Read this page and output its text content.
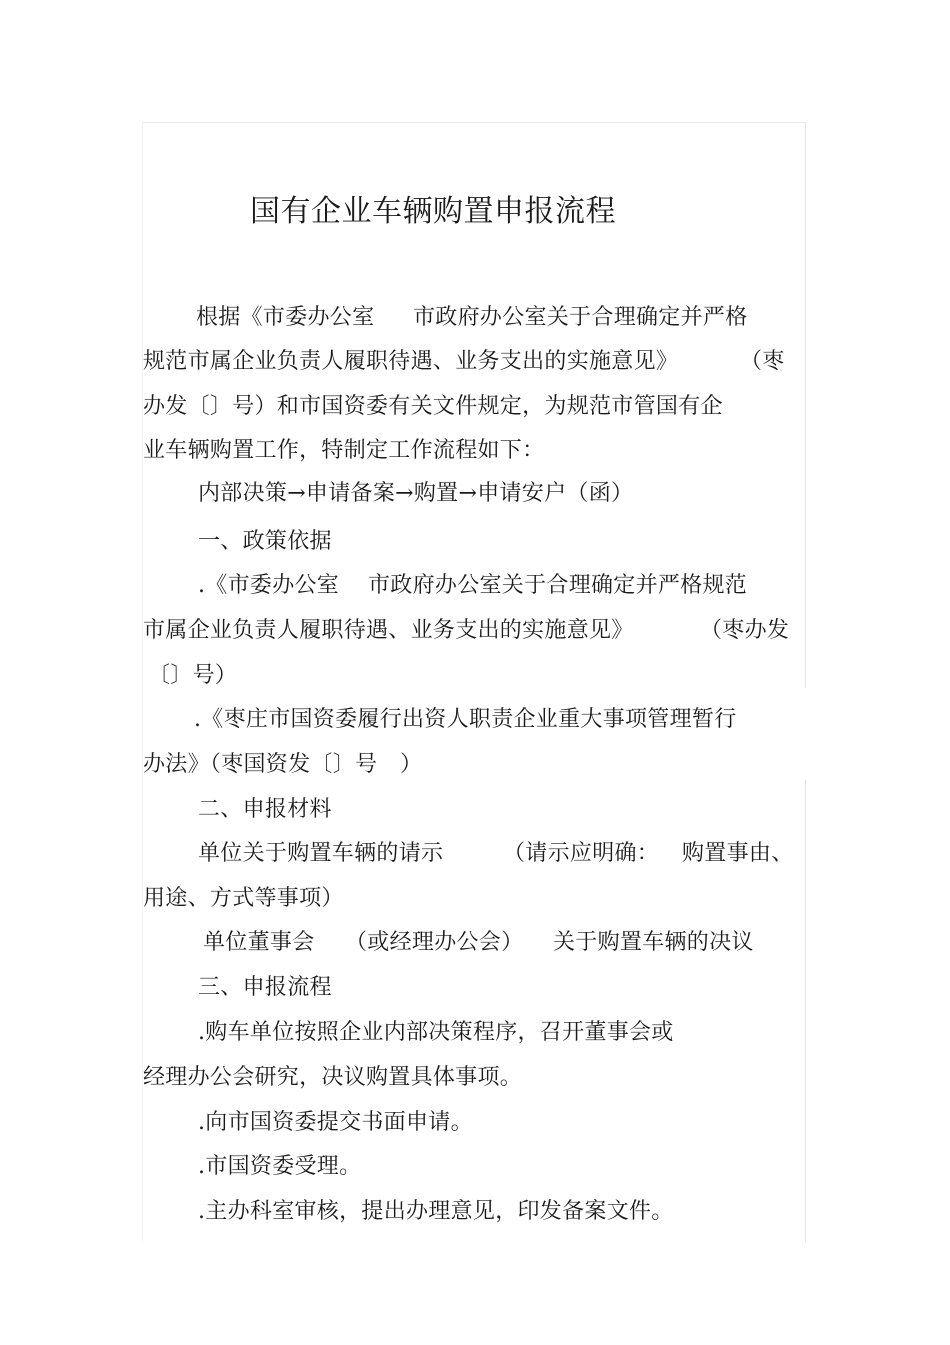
国有企业车辆购置申报流程
根据《市委办公室 市政府办公室关于合理确定并严格
规范市属企业负责人履职待遇、业务支出的实施意见》	（枣
办发〔〕号）和市国资委有关文件规定，为规范市管国有企
业车辆购置工作，特制定工作流程如下：
内部决策→申请备案→购置→申请安户（函）
一、政策依据
.《市委办公室 市政府办公室关于合理确定并严格规范
市属企业负责人履职待遇、业务支出的实施意见》	（枣办发
〔〕号）
.《枣庄市国资委履行出资人职责企业重大事项管理暂行
办法》（枣国资发〔〕号 ）
二、申报材料
单位关于购置车辆的请示	（请示应明确： 购置事由、
用途、方式等事项）
单位董事会 （或经理办公会） 关于购置车辆的决议
三、申报流程
.购车单位按照企业内部决策程序，召开董事会或
经理办公会研究，决议购置具体事项。
.向市国资委提交书面申请。
.市国资委受理。
.主办科室审核，提出办理意见，印发备案文件。
